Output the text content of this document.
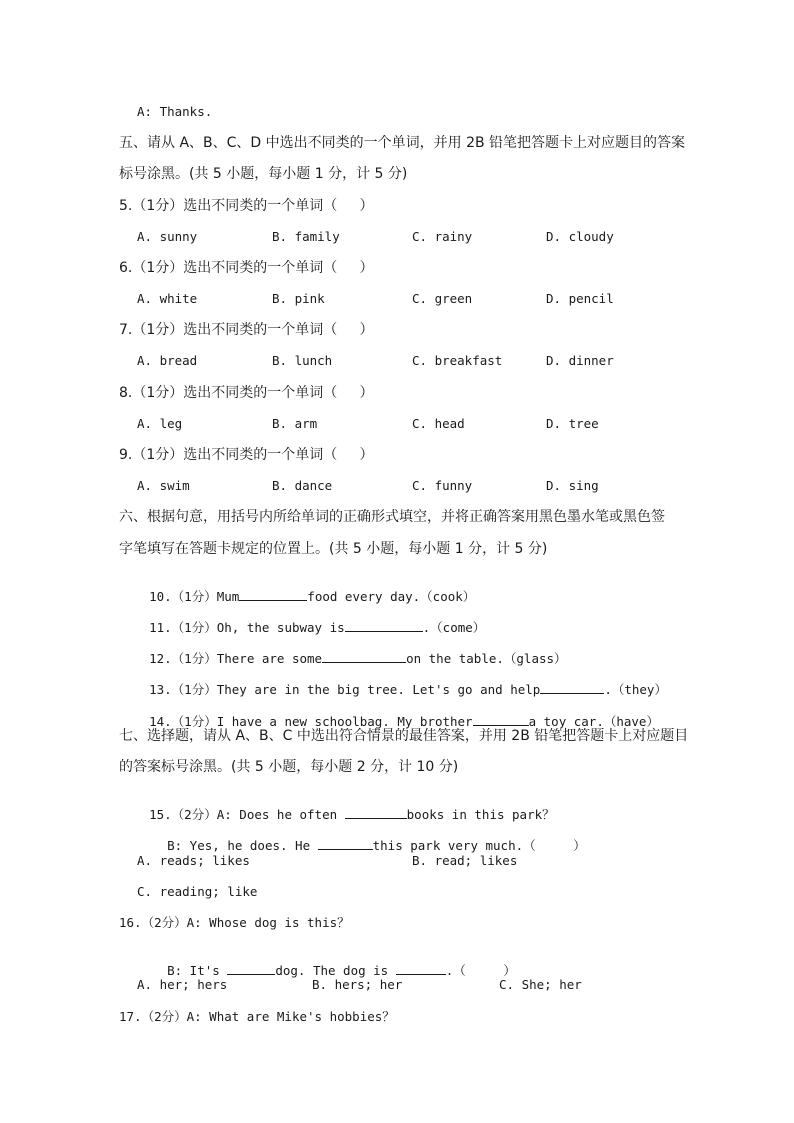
A: Thanks.
五、请从 A、B、C、D 中选出不同类的一个单词，并用 2B 铅笔把答题卡上对应题目的答案
标号涂黑。(共 5 小题，每小题 1 分，计 5 分)
5.（1分）选出不同类的一个单词（     ）
A. sunny	B. family	C. rainy	D. cloudy
6.（1分）选出不同类的一个单词（     ）
A. white	B. pink	C. green	D. pencil
7.（1分）选出不同类的一个单词（     ）
A. bread	B. lunch	C. breakfast	D. dinner
8.（1分）选出不同类的一个单词（     ）
A. leg	B. arm	C. head	D. tree
9.（1分）选出不同类的一个单词（     ）
A. swim	B. dance	C. funny	D. sing
六、根据句意，用括号内所给单词的正确形式填空，并将正确答案用黑色墨水笔或黑色签
字笔填写在答题卡规定的位置上。(共 5 小题，每小题 1 分，计 5 分)

10.（1分）Mum	food every day.（cook）

11.（1分）Oh, the subway is	.（come）

12.（1分）There are some	on the table.（glass）

13.（1分）They are in the big tree. Let's go and help	.（they）

14.（1分）I have a new schoolbag. My brother	a toy car.（have）

七、选择题，请从 A、B、C 中选出符合情景的最佳答案，并用 2B 铅笔把答题卡上对应题目
的答案标号涂黑。(共 5 小题，每小题 2 分，计 10 分)

15.（2分）A: Does he often	books in this park？

B: Yes, he does. He	this park very much.（     ）

A. reads; likes	B. read; likes
C. reading; like
16.（2分）A: Whose dog is this？

B: It's	dog. The dog is	.（     ）

A. her; hers	B. hers; her	C. She; her
17.（2分）A: What are Mike's hobbies？
